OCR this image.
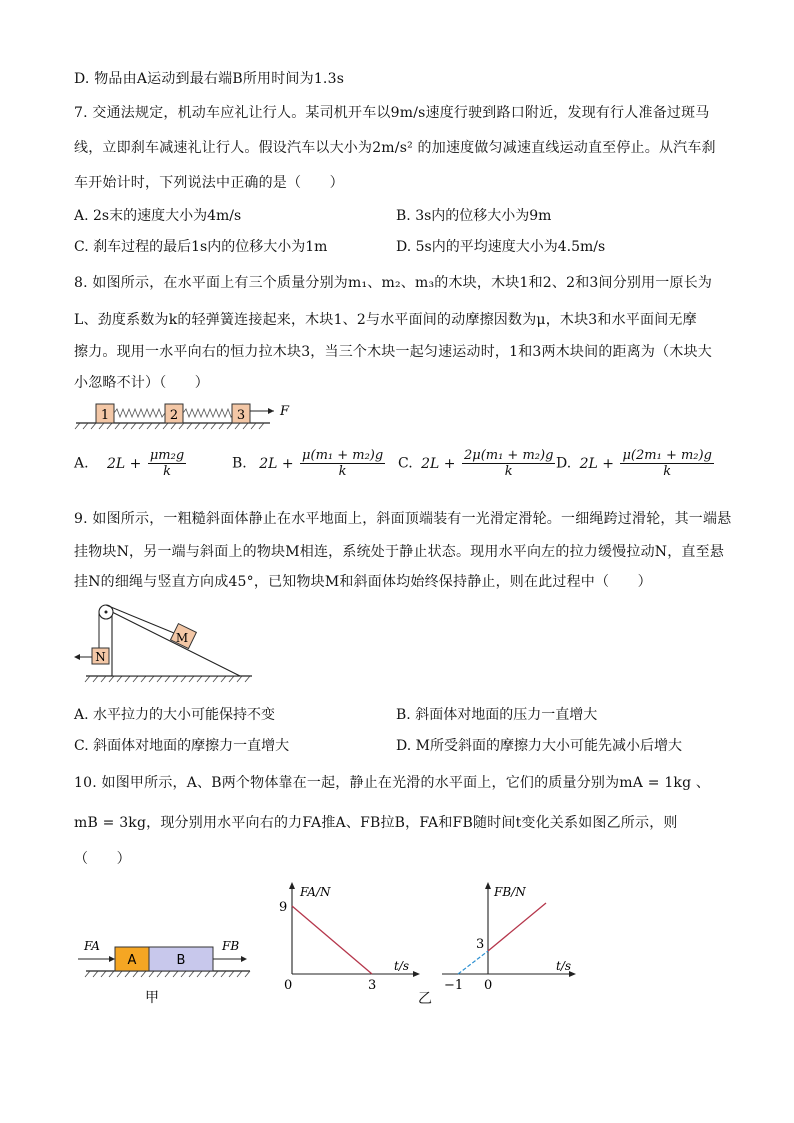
D. 物品由A运动到最右端B所用时间为1.3s
7. 交通法规定，机动车应礼让行人。某司机开车以9m/s速度行驶到路口附近，发现有行人准备过斑马
线，立即刹车减速礼让行人。假设汽车以大小为2m/s² 的加速度做匀减速直线运动直至停止。从汽车刹
车开始计时，下列说法中正确的是（　　）
A. 2s末的速度大小为4m/s	B. 3s内的位移大小为9m
C. 刹车过程的最后1s内的位移大小为1m	D. 5s内的平均速度大小为4.5m/s
8. 如图所示，在水平面上有三个质量分别为m₁、m₂、m₃的木块，木块1和2、2和3间分别用一原长为
L、劲度系数为k的轻弹簧连接起来，木块1、2与水平面间的动摩擦因数为μ，木块3和水平面间无摩
擦力。现用一水平向右的恒力拉木块3，当三个木块一起匀速运动时，1和3两木块间的距离为（木块大
小忽略不计）（　　）
1	2	3	F
A. $2L + \frac{\text{μm₂g}}{k}$	B. $2L + \frac{\text{μ(m₁ + m₂)g}}{k} C$. $2L + \frac{\text{2μ(m₁ + m₂)g}}{k} D$. $2L + \frac{\text{μ(2m₁ + m₂)g}}{k}$
9. 如图所示，一粗糙斜面体静止在水平地面上，斜面顶端装有一光滑定滑轮。一细绳跨过滑轮，其一端悬
挂物块N，另一端与斜面上的物块M相连，系统处于静止状态。现用水平向左的拉力缓慢拉动N，直至悬
挂N的细绳与竖直方向成45°，已知物块M和斜面体均始终保持静止，则在此过程中（　　）
M
N
A. 水平拉力的大小可能保持不变	B. 斜面体对地面的压力一直增大
C. 斜面体对地面的摩擦力一直增大	D. M所受斜面的摩擦力大小可能先减小后增大
10. 如图甲所示，A、B两个物体靠在一起，静止在光滑的水平面上，它们的质量分别为mA = 1kg 、
mB = 3kg，现分别用水平向右的力FA推A、FB拉B，FA和FB随时间t变化关系如图乙所示，则
（　　）
A	B
FA	FB
甲
FA/N
t/s
9
3
0
乙
FB/N
t/s
3
−1 0
